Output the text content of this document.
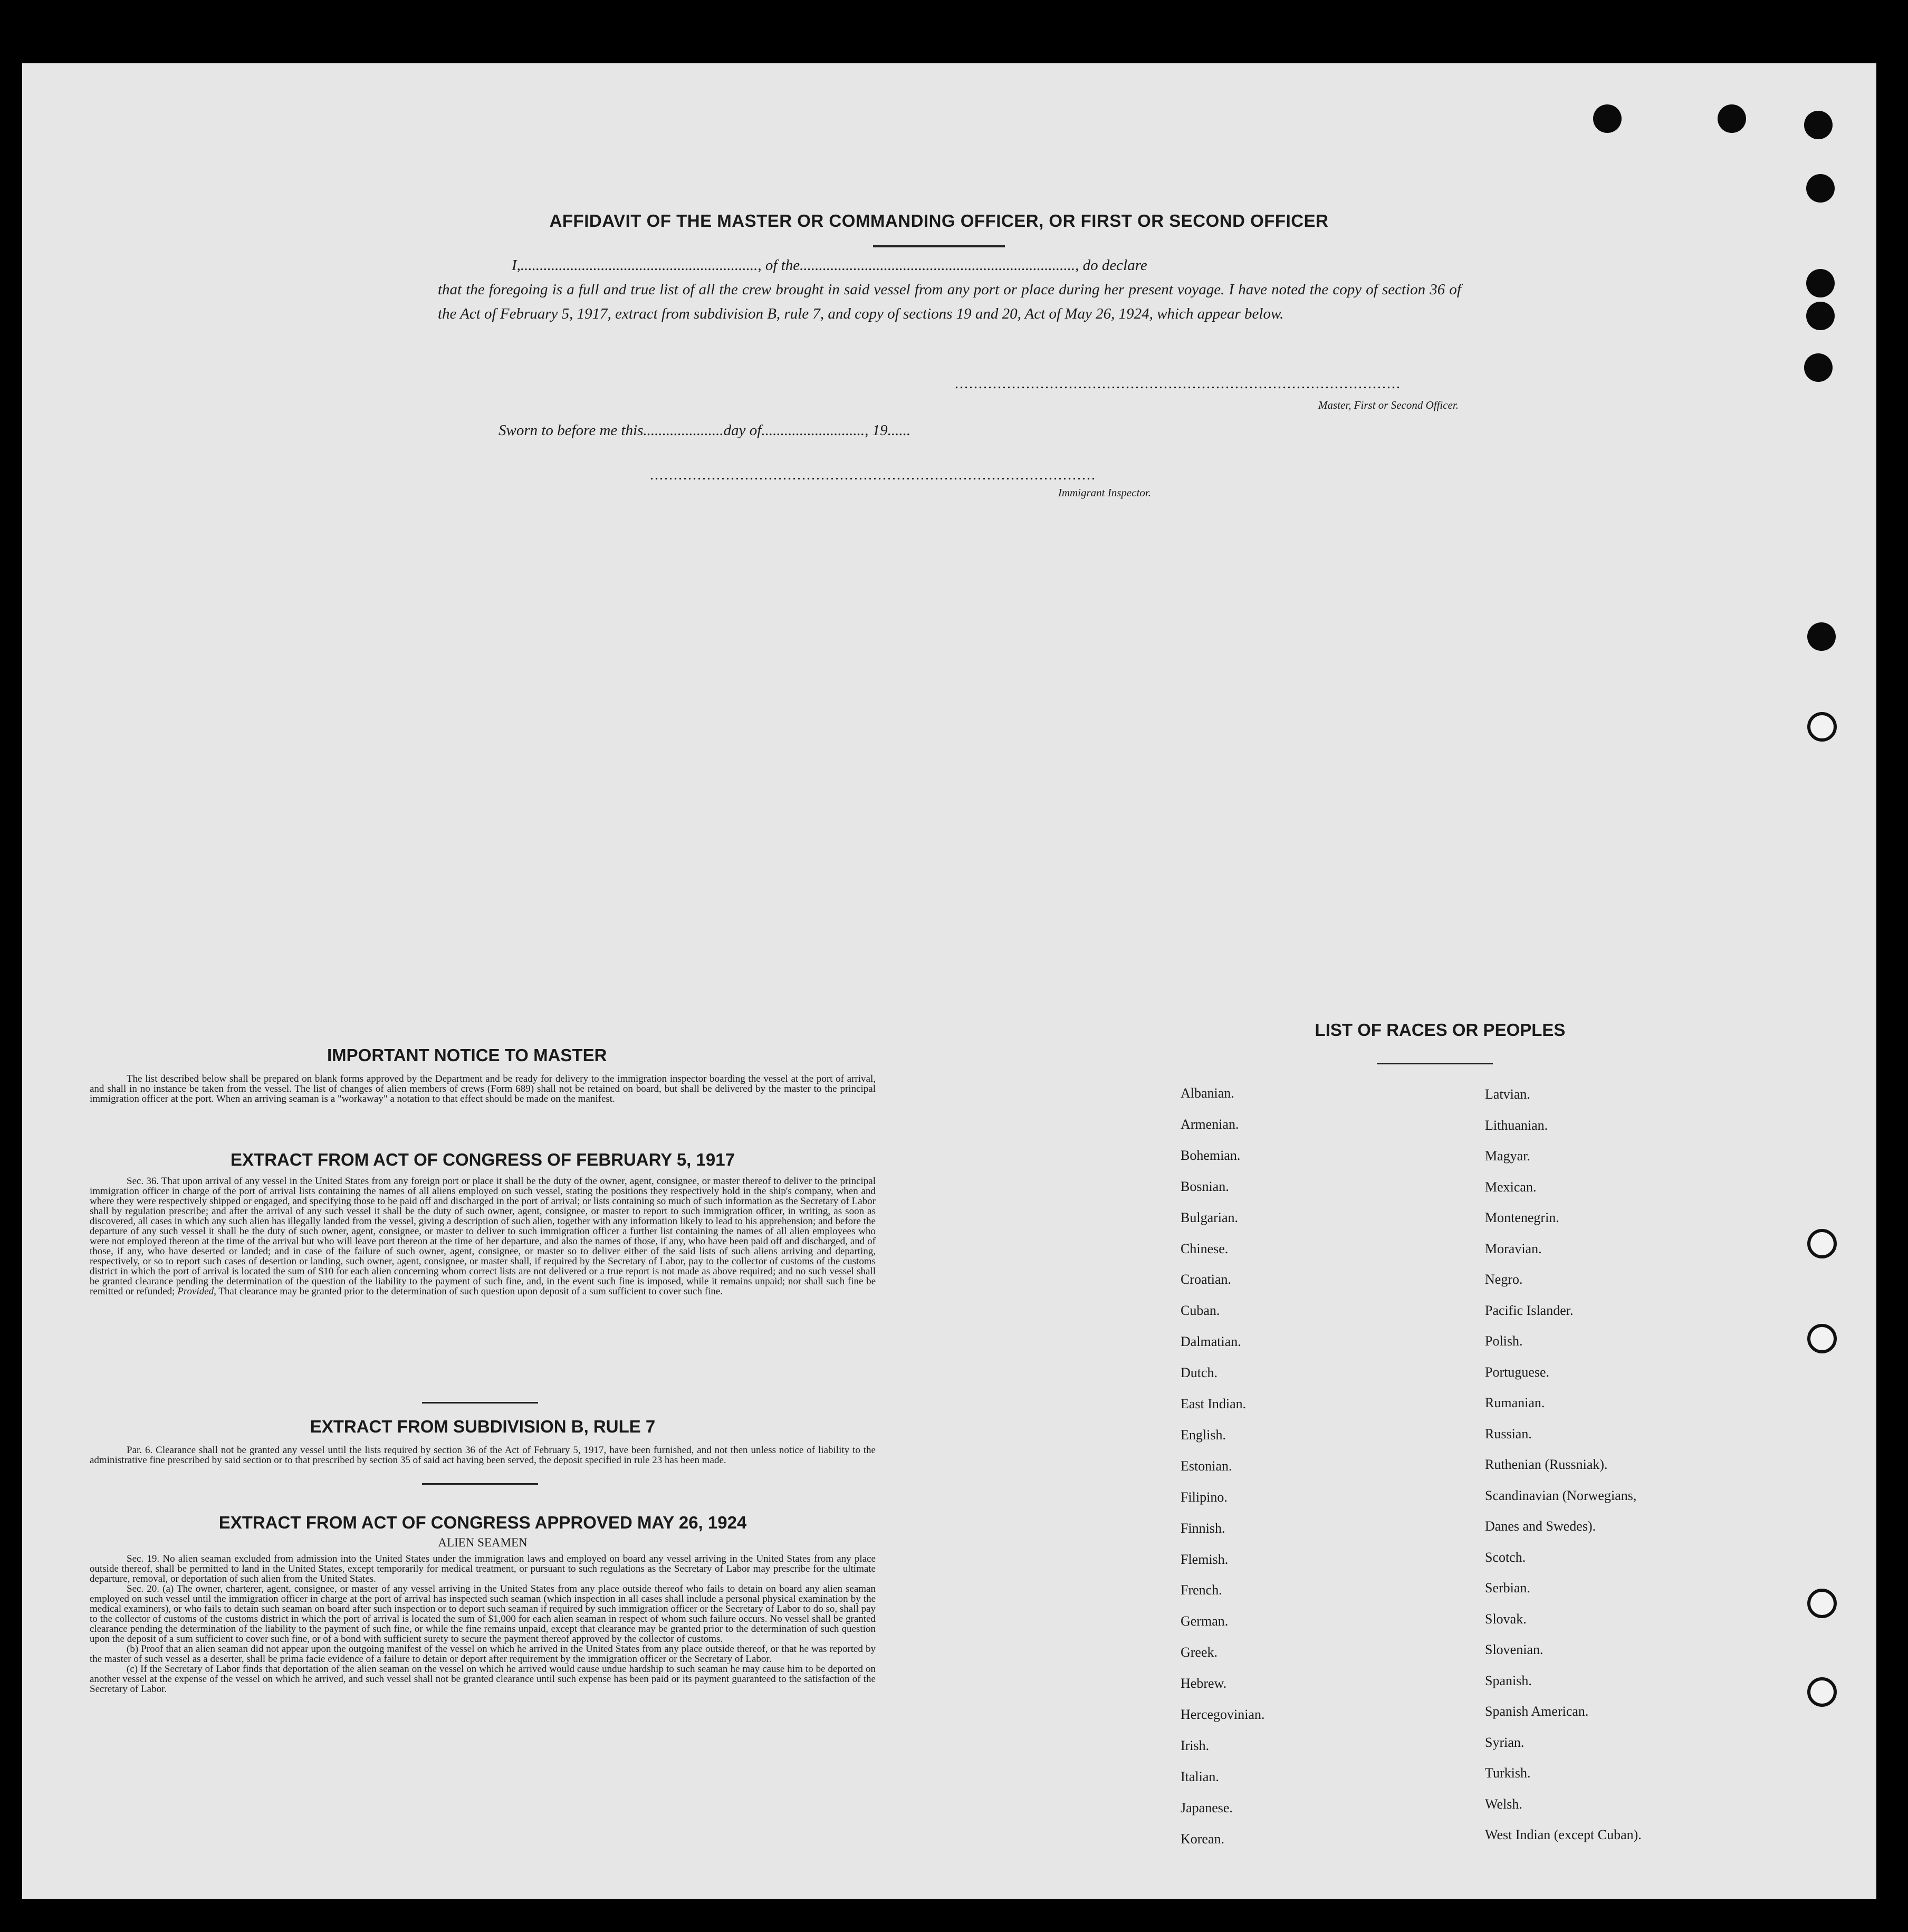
AFFIDAVIT OF THE MASTER OR COMMANDING OFFICER, OR FIRST OR SECOND OFFICER

I,.............................................................., of the........................................................................, do declare

that the foregoing is a full and true list of all the crew brought in said vessel from any port or place during her present voyage. I have noted the copy of section 36 of the Act of February 5, 1917, extract from subdivision B, rule 7, and copy of sections 19 and 20, Act of May 26, 1924, which appear below.

..............................................................................................
Master, First or Second Officer.
Sworn to before me this.....................day of..........................., 19......
..............................................................................................
Immigrant Inspector.
IMPORTANT NOTICE TO MASTER

The list described below shall be prepared on blank forms approved by the Department and be ready for delivery to the immigration inspector boarding the vessel at the port of arrival, and shall in no instance be taken from the vessel. The list of changes of alien members of crews (Form 689) shall not be retained on board, but shall be delivered by the master to the principal immigration officer at the port. When an arriving seaman is a "workaway" a notation to that effect should be made on the manifest.

EXTRACT FROM ACT OF CONGRESS OF FEBRUARY 5, 1917

Sec. 36. That upon arrival of any vessel in the United States from any foreign port or place it shall be the duty of the owner, agent, consignee, or master thereof to deliver to the principal immigration officer in charge of the port of arrival lists containing the names of all aliens employed on such vessel, stating the positions they respectively hold in the ship's company, when and where they were respectively shipped or engaged, and specifying those to be paid off and discharged in the port of arrival; or lists containing so much of such information as the Secretary of Labor shall by regulation prescribe; and after the arrival of any such vessel it shall be the duty of such owner, agent, consignee, or master to report to such immigration officer, in writing, as soon as discovered, all cases in which any such alien has illegally landed from the vessel, giving a description of such alien, together with any information likely to lead to his apprehension; and before the departure of any such vessel it shall be the duty of such owner, agent, consignee, or master to deliver to such immigration officer a further list containing the names of all alien employees who were not employed thereon at the time of the arrival but who will leave port thereon at the time of her departure, and also the names of those, if any, who have been paid off and discharged, and of those, if any, who have deserted or landed; and in case of the failure of such owner, agent, consignee, or master so to deliver either of the said lists of such aliens arriving and departing, respectively, or so to report such cases of desertion or landing, such owner, agent, consignee, or master shall, if required by the Secretary of Labor, pay to the collector of customs of the customs district in which the port of arrival is located the sum of $10 for each alien concerning whom correct lists are not delivered or a true report is not made as above required; and no such vessel shall be granted clearance pending the determination of the question of the liability to the payment of such fine, and, in the event such fine is imposed, while it remains unpaid; nor shall such fine be remitted or refunded; Provided, That clearance may be granted prior to the determination of such question upon deposit of a sum sufficient to cover such fine.

EXTRACT FROM SUBDIVISION B, RULE 7

Par. 6. Clearance shall not be granted any vessel until the lists required by section 36 of the Act of February 5, 1917, have been furnished, and not then unless notice of liability to the administrative fine prescribed by said section or to that prescribed by section 35 of said act having been served, the deposit specified in rule 23 has been made.

EXTRACT FROM ACT OF CONGRESS APPROVED MAY 26, 1924
ALIEN SEAMEN

Sec. 19. No alien seaman excluded from admission into the United States under the immigration laws and employed on board any vessel arriving in the United States from any place outside thereof, shall be permitted to land in the United States, except temporarily for medical treatment, or pursuant to such regulations as the Secretary of Labor may prescribe for the ultimate departure, removal, or deportation of such alien from the United States.

Sec. 20. (a) The owner, charterer, agent, consignee, or master of any vessel arriving in the United States from any place outside thereof who fails to detain on board any alien seaman employed on such vessel until the immigration officer in charge at the port of arrival has inspected such seaman (which inspection in all cases shall include a personal physical examination by the medical examiners), or who fails to detain such seaman on board after such inspection or to deport such seaman if required by such immigration officer or the Secretary of Labor to do so, shall pay to the collector of customs of the customs district in which the port of arrival is located the sum of $1,000 for each alien seaman in respect of whom such failure occurs. No vessel shall be granted clearance pending the determination of the liability to the payment of such fine, or while the fine remains unpaid, except that clearance may be granted prior to the determination of such question upon the deposit of a sum sufficient to cover such fine, or of a bond with sufficient surety to secure the payment thereof approved by the collector of customs.

(b) Proof that an alien seaman did not appear upon the outgoing manifest of the vessel on which he arrived in the United States from any place outside thereof, or that he was reported by the master of such vessel as a deserter, shall be prima facie evidence of a failure to detain or deport after requirement by the immigration officer or the Secretary of Labor.

(c) If the Secretary of Labor finds that deportation of the alien seaman on the vessel on which he arrived would cause undue hardship to such seaman he may cause him to be deported on another vessel at the expense of the vessel on which he arrived, and such vessel shall not be granted clearance until such expense has been paid or its payment guaranteed to the satisfaction of the Secretary of Labor.

LIST OF RACES OR PEOPLES
Albanian.
Armenian.
Bohemian.
Bosnian.
Bulgarian.
Chinese.
Croatian.
Cuban.
Dalmatian.
Dutch.
East Indian.
English.
Estonian.
Filipino.
Finnish.
Flemish.
French.
German.
Greek.
Hebrew.
Hercegovinian.
Irish.
Italian.
Japanese.
Korean.
Latvian.
Lithuanian.
Magyar.
Mexican.
Montenegrin.
Moravian.
Negro.
Pacific Islander.
Polish.
Portuguese.
Rumanian.
Russian.
Ruthenian (Russniak).
Scandinavian (Norwegians,
Danes and Swedes).
Scotch.
Serbian.
Slovak.
Slovenian.
Spanish.
Spanish American.
Syrian.
Turkish.
Welsh.
West Indian (except Cuban).
